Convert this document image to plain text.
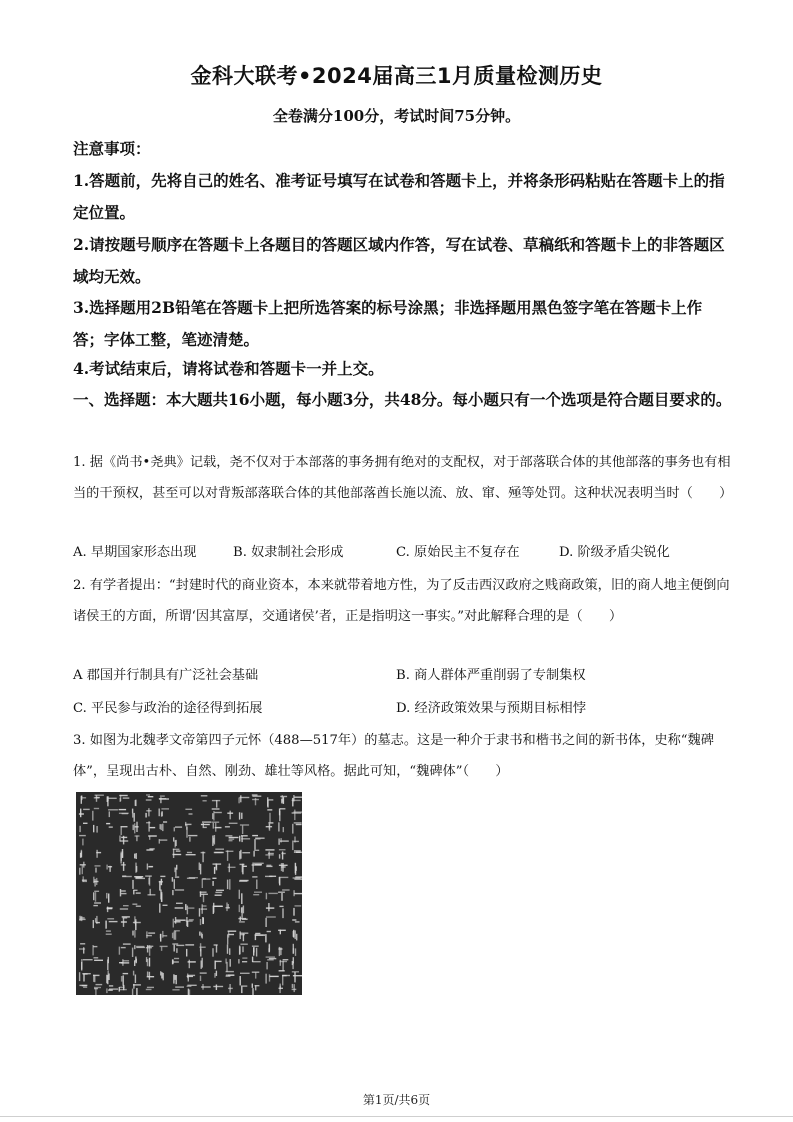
金科大联考•2024届高三1月质量检测历史
全卷满分100分，考试时间75分钟。
注意事项：
1.答题前，先将自己的姓名、准考证号填写在试卷和答题卡上，并将条形码粘贴在答题卡上的指定位置。
2.请按题号顺序在答题卡上各题目的答题区域内作答，写在试卷、草稿纸和答题卡上的非答题区域均无效。
3.选择题用2B铅笔在答题卡上把所选答案的标号涂黑；非选择题用黑色签字笔在答题卡上作答；字体工整，笔迹清楚。
4.考试结束后，请将试卷和答题卡一并上交。
一、选择题：本大题共16小题，每小题3分，共48分。每小题只有一个选项是符合题目要求的。
1. 据《尚书•尧典》记载，尧不仅对于本部落的事务拥有绝对的支配权，对于部落联合体的其他部落的事务也有相当的干预权，甚至可以对背叛部落联合体的其他部落酋长施以流、放、窜、殛等处罚。这种状况表明当时（　　）
A. 早期国家形态出现	B. 奴隶制社会形成	C. 原始民主不复存在	D. 阶级矛盾尖锐化
2. 有学者提出：“封建时代的商业资本，本来就带着地方性，为了反击西汉政府之贱商政策，旧的商人地主便倒向诸侯王的方面，所谓‘因其富厚，交通诸侯’者，正是指明这一事实。”对此解释合理的是（　　）
A 郡国并行制具有广泛社会基础	B. 商人群体严重削弱了专制集权
C. 平民参与政治的途径得到拓展	D. 经济政策效果与预期目标相悖
3. 如图为北魏孝文帝第四子元怀（488—517年）的墓志。这是一种介于隶书和楷书之间的新书体，史称“魏碑体”，呈现出古朴、自然、刚劲、雄壮等风格。据此可知，“魏碑体”（　　）
第1页/共6页
